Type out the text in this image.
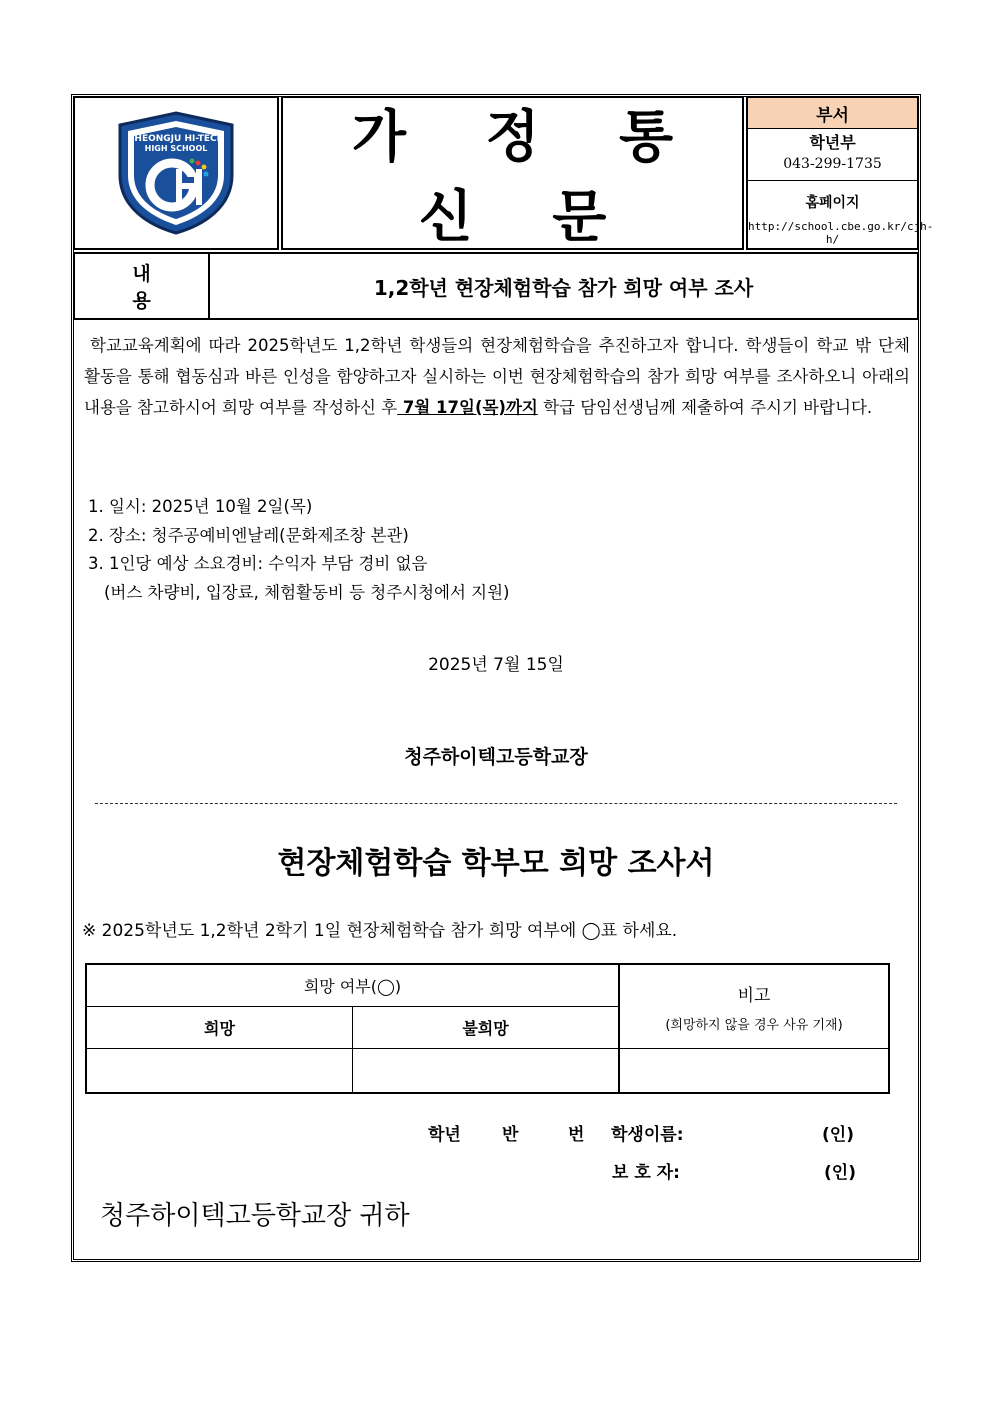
CHEONGJU HI-TECH
HIGH SCHOOL	가 정 통 신 문
부서
학년부
043-299-1735
홈페이지
http://school.cbe.go.kr/cjh-h/
내 용
1,2학년 현장체험학습 참가 희망 여부 조사
학교교육계획에 따라 2025학년도 1,2학년 학생들의 현장체험학습을 추진하고자 합니다. 학생들이 학교 밖 단체 활동을 통해 협동심과 바른 인성을 함양하고자 실시하는 이번 현장체험학습의 참가 희망 여부를 조사하오니 아래의 내용을 참고하시어 희망 여부를 작성하신 후 7월 17일(목)까지 학급 담임선생님께 제출하여 주시기 바랍니다.
1. 일시: 2025년 10월 2일(목)
2. 장소: 청주공예비엔날레(문화제조창 본관)
3. 1인당 예상 소요경비: 수익자 부담 경비 없음
(버스 차량비, 입장료, 체험활동비 등 청주시청에서 지원)
2025년 7월 15일
청주하이텍고등학교장
현장체험학습 학부모 희망 조사서
※ 2025학년도 1,2학년 2학기 1일 현장체험학습 참가 희망 여부에 ◯표 하세요.
희망 여부(◯)
희망	불희망
비고
(희망하지 않을 경우 사유 기재)
학년 반	번 학생이름:	(인)
보 호 자:	(인)
청주하이텍고등학교장 귀하
